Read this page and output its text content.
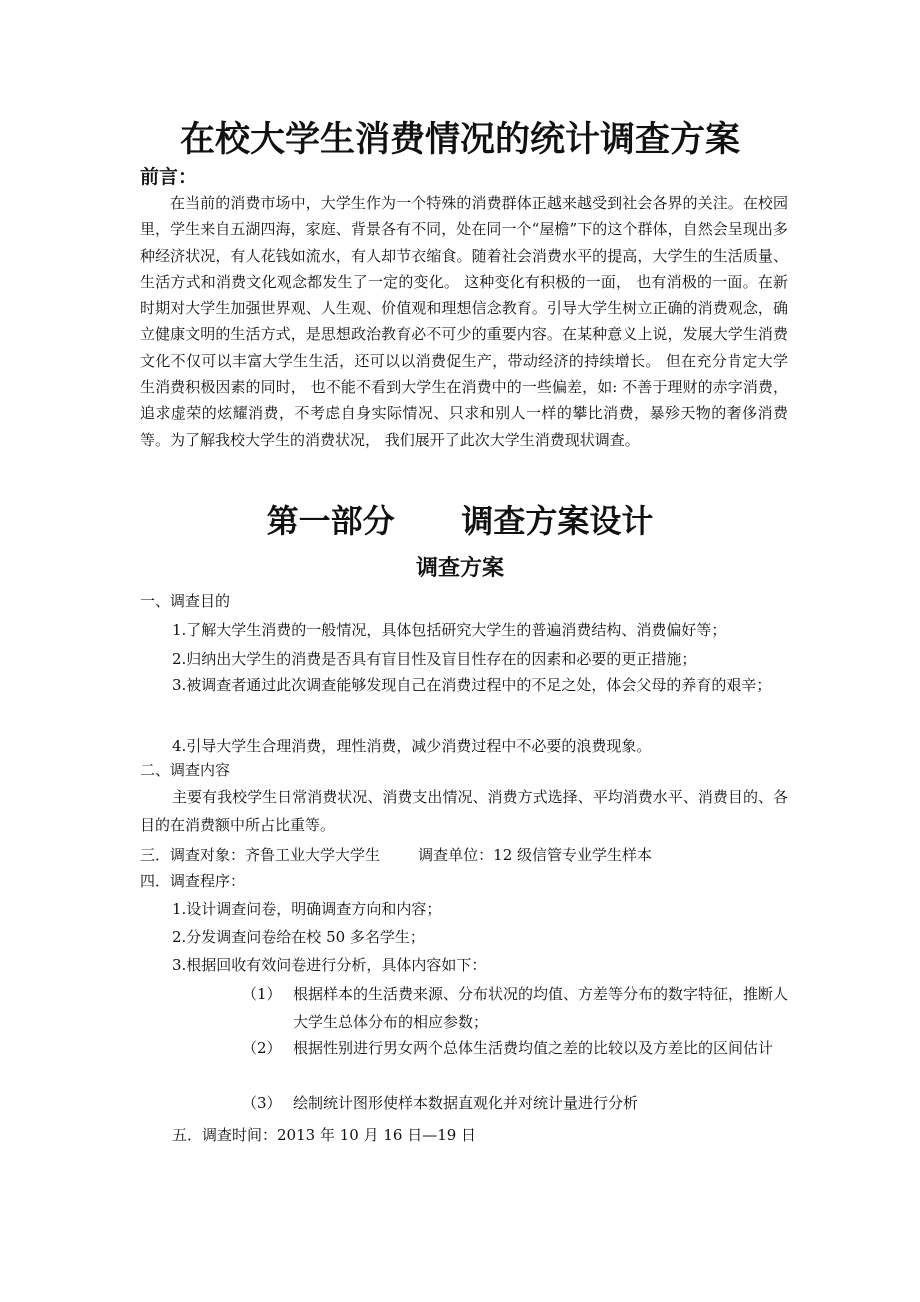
在校大学生消费情况的统计调查方案
前言：

在当前的消费市场中，大学生作为一个特殊的消费群体正越来越受到社会各界的关注。在校园里，学生来自五湖四海，家庭、背景各有不同，处在同一个“屋檐”下的这个群体，自然会呈现出多种经济状况，有人花钱如流水，有人却节衣缩食。随着社会消费水平的提高，大学生的生活质量、生活方式和消费文化观念都发生了一定的变化。 这种变化有积极的一面， 也有消极的一面。在新时期对大学生加强世界观、人生观、价值观和理想信念教育。引导大学生树立正确的消费观念，确立健康文明的生活方式，是思想政治教育必不可少的重要内容。在某种意义上说，发展大学生消费文化不仅可以丰富大学生生活，还可以以消费促生产，带动经济的持续增长。 但在充分肯定大学生消费积极因素的同时， 也不能不看到大学生在消费中的一些偏差，如: 不善于理财的赤字消费，追求虚荣的炫耀消费，不考虑自身实际情况、只求和别人一样的攀比消费，暴殄天物的奢侈消费等。为了解我校大学生的消费状况， 我们展开了此次大学生消费现状调查。

第一部分      调查方案设计
调查方案

一、调查目的

1.了解大学生消费的一般情况，具体包括研究大学生的普遍消费结构、消费偏好等；

2.归纳出大学生的消费是否具有盲目性及盲目性存在的因素和必要的更正措施；

3.被调查者通过此次调查能够发现自己在消费过程中的不足之处，体会父母的养育的艰辛；

4.引导大学生合理消费，理性消费，减少消费过程中不必要的浪费现象。

二、调查内容

主要有我校学生日常消费状况、消费支出情况、消费方式选择、平均消费水平、消费目的、各目的在消费额中所占比重等。

三．调查对象：齐鲁工业大学大学生        调查单位：12 级信管专业学生样本

四．调查程序：

1.设计调查问卷，明确调查方向和内容；

2.分发调查问卷给在校 50 多名学生；

3.根据回收有效问卷进行分析，具体内容如下：

（1） 根据样本的生活费来源、分布状况的均值、方差等分布的数字特征，推断人大学生总体分布的相应参数；

（2） 根据性别进行男女两个总体生活费均值之差的比较以及方差比的区间估计

（3） 绘制统计图形使样本数据直观化并对统计量进行分析

五．调查时间：2013 年 10 月 16 日—19 日
